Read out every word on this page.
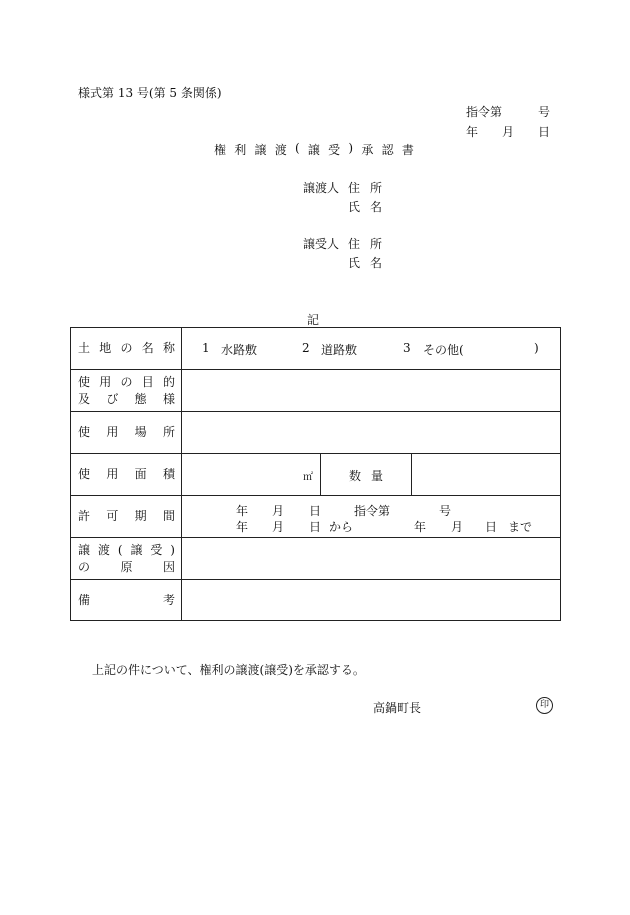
様式第 13 号(第 5 条関係)
指令第	号
年 月 日
権 利 譲 渡 ( 譲 受 ) 承 認 書
譲渡人 住 所
氏 名
譲受人 住 所
氏 名
記
土 地 の 名 称 1 水路敷	2 道路敷	3 その他(	)
使 用 の 目 的
及 び 態 様
使 用 場 所
使 用 面 積	㎡	数 量
許 可 期 間	年 月 日	指令第	号
年 月 日 から	年 月 日 まで
譲 渡 ( 譲 受 )
の	原	因
備	考
上記の件について、権利の譲渡(譲受)を承認する。
高鍋町長	印
